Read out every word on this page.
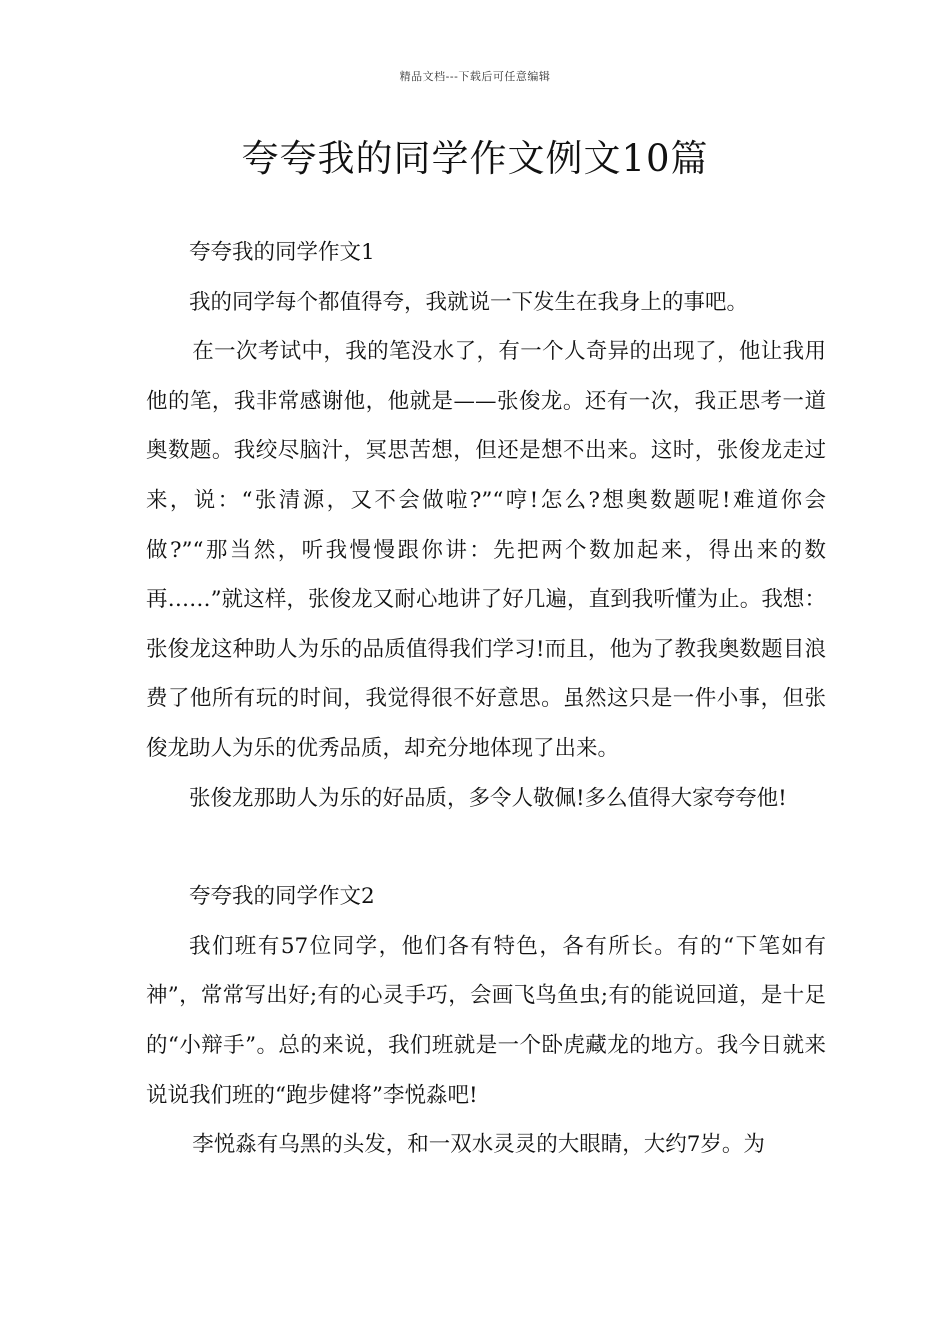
精品文档---下载后可任意编辑
夸夸我的同学作文例文10篇

夸夸我的同学作文1

我的同学每个都值得夸，我就说一下发生在我身上的事吧。

在一次考试中，我的笔没水了，有一个人奇异的出现了，他让我用他的笔，我非常感谢他，他就是——张俊龙。还有一次，我正思考一道奥数题。我绞尽脑汁，冥思苦想，但还是想不出来。这时，张俊龙走过来，说：“张清源，又不会做啦?”“哼!怎么?想奥数题呢!难道你会做?”“那当然，听我慢慢跟你讲：先把两个数加起来，得出来的数再……”就这样，张俊龙又耐心地讲了好几遍，直到我听懂为止。我想：张俊龙这种助人为乐的品质值得我们学习!而且，他为了教我奥数题目浪费了他所有玩的时间，我觉得很不好意思。虽然这只是一件小事，但张俊龙助人为乐的优秀品质，却充分地体现了出来。

张俊龙那助人为乐的好品质，多令人敬佩!多么值得大家夸夸他!

夸夸我的同学作文2

我们班有57位同学，他们各有特色，各有所长。有的“下笔如有神”，常常写出好;有的心灵手巧，会画飞鸟鱼虫;有的能说回道，是十足的“小辩手”。总的来说，我们班就是一个卧虎藏龙的地方。我今日就来说说我们班的“跑步健将”李悦淼吧!

李悦淼有乌黑的头发，和一双水灵灵的大眼睛，大约7岁。为
